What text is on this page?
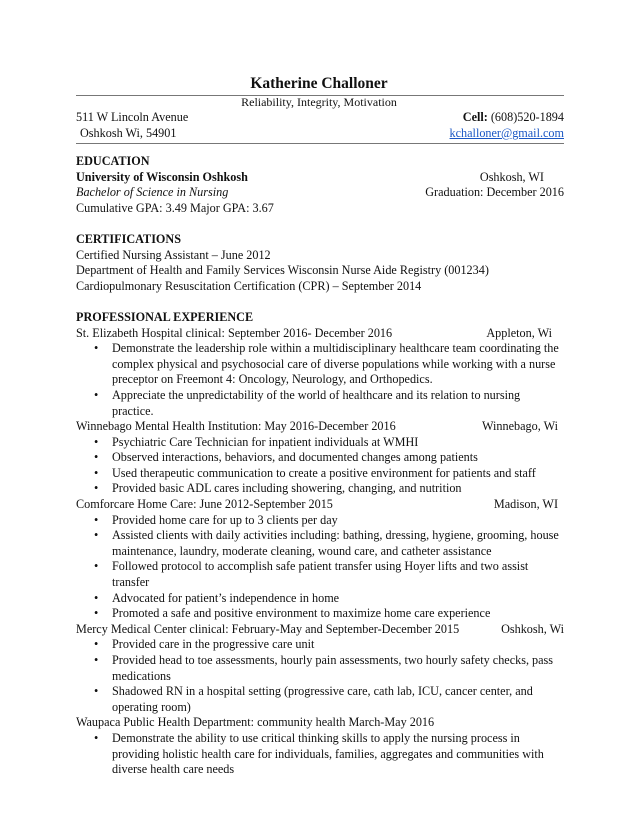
Katherine Challoner
Reliability, Integrity, Motivation
511 W Lincoln Avenue	Cell: (608)520-1894
Oshkosh Wi, 54901	kchalloner@gmail.com
EDUCATION
University of Wisconsin Oshkosh	Oshkosh, WI
Bachelor of Science in Nursing	Graduation: December 2016
Cumulative GPA: 3.49 Major GPA: 3.67
CERTIFICATIONS
Certified Nursing Assistant – June 2012
Department of Health and Family Services Wisconsin Nurse Aide Registry (001234)
Cardiopulmonary Resuscitation Certification (CPR) – September 2014
PROFESSIONAL EXPERIENCE
St. Elizabeth Hospital clinical: September 2016- December 2016	Appleton, Wi
• Demonstrate the leadership role within a multidisciplinary healthcare team coordinating the complex physical and psychosocial care of diverse populations while working with a nurse preceptor on Freemont 4: Oncology, Neurology, and Orthopedics.
• Appreciate the unpredictability of the world of healthcare and its relation to nursing practice.
Winnebago Mental Health Institution: May 2016-December 2016	Winnebago, Wi
• Psychiatric Care Technician for inpatient individuals at WMHI
• Observed interactions, behaviors, and documented changes among patients
• Used therapeutic communication to create a positive environment for patients and staff
• Provided basic ADL cares including showering, changing, and nutrition
Comforcare Home Care: June 2012-September 2015	Madison, WI
• Provided home care for up to 3 clients per day
• Assisted clients with daily activities including: bathing, dressing, hygiene, grooming, house maintenance, laundry, moderate cleaning, wound care, and catheter assistance
• Followed protocol to accomplish safe patient transfer using Hoyer lifts and two assist transfer
• Advocated for patient’s independence in home
• Promoted a safe and positive environment to maximize home care experience
Mercy Medical Center clinical: February-May and September-December 2015	Oshkosh, Wi
• Provided care in the progressive care unit
• Provided head to toe assessments, hourly pain assessments, two hourly safety checks, pass medications
• Shadowed RN in a hospital setting (progressive care, cath lab, ICU, cancer center, and operating room)
Waupaca Public Health Department: community health March-May 2016
• Demonstrate the ability to use critical thinking skills to apply the nursing process in providing holistic health care for individuals, families, aggregates and communities with diverse health care needs
